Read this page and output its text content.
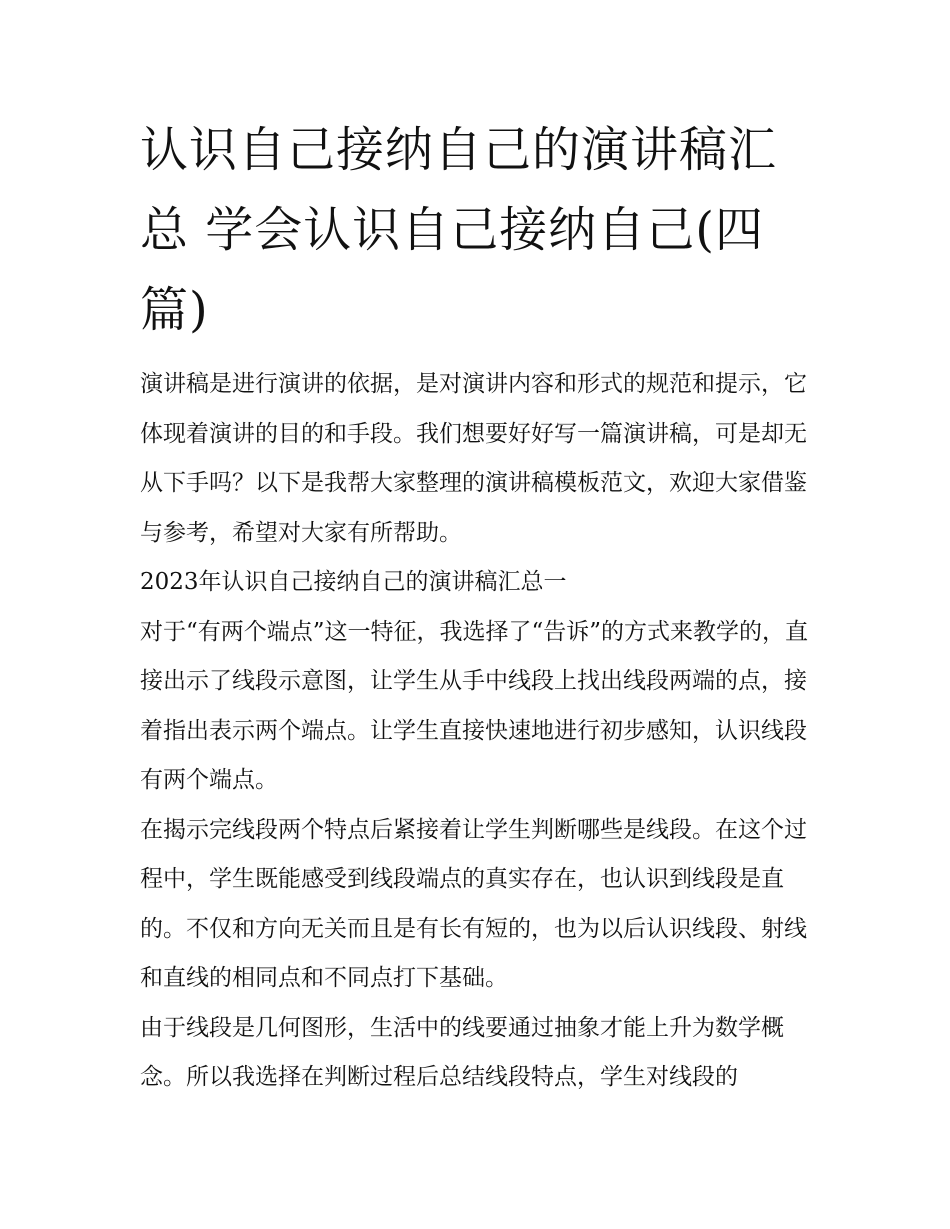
认识自己接纳自己的演讲稿汇总 学会认识自己接纳自己(四篇)

演讲稿是进行演讲的依据，是对演讲内容和形式的规范和提示，它体现着演讲的目的和手段。我们想要好好写一篇演讲稿，可是却无从下手吗？以下是我帮大家整理的演讲稿模板范文，欢迎大家借鉴与参考，希望对大家有所帮助。

2023年认识自己接纳自己的演讲稿汇总一

对于“有两个端点”这一特征，我选择了“告诉”的方式来教学的，直接出示了线段示意图，让学生从手中线段上找出线段两端的点，接着指出表示两个端点。让学生直接快速地进行初步感知，认识线段有两个端点。

在揭示完线段两个特点后紧接着让学生判断哪些是线段。在这个过程中，学生既能感受到线段端点的真实存在，也认识到线段是直的。不仅和方向无关而且是有长有短的，也为以后认识线段、射线和直线的相同点和不同点打下基础。

由于线段是几何图形，生活中的线要通过抽象才能上升为数学概念。所以我选择在判断过程后总结线段特点，学生对线段的
